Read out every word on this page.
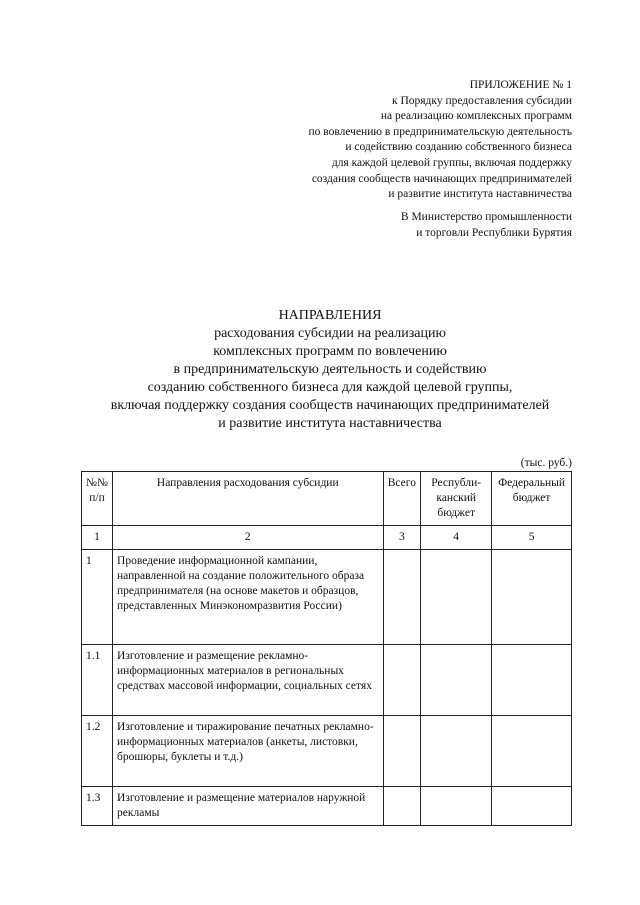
ПРИЛОЖЕНИЕ № 1
к Порядку предоставления субсидии
на реализацию комплексных программ
по вовлечению в предпринимательскую деятельность
и содействию созданию собственного бизнеса
для каждой целевой группы, включая поддержку
создания сообществ начинающих предпринимателей
и развитие института наставничества
В Министерство промышленности
и торговли Республики Бурятия
НАПРАВЛЕНИЯ
расходования субсидии на реализацию
комплексных программ по вовлечению
в предпринимательскую деятельность и содействию
созданию собственного бизнеса для каждой целевой группы,
включая поддержку создания сообществ начинающих предпринимателей
и развитие института наставничества
(тыс. руб.)
№№ п/п	Направления расходования субсидии	Всего	Республи-канский бюджет	Федеральный бюджет
1	2	3	4	5
1	Проведение информационной кампании, направленной на создание положительного образа предпринимателя (на основе макетов и образцов, представленных Минэкономразвития России)			
1.1	Изготовление и размещение рекламно-информационных материалов в региональных средствах массовой информации, социальных сетях			
1.2	Изготовление и тиражирование печатных рекламно-информационных материалов (анкеты, листовки, брошюры, буклеты и т.д.)			
1.3	Изготовление и размещение материалов наружной рекламы			
